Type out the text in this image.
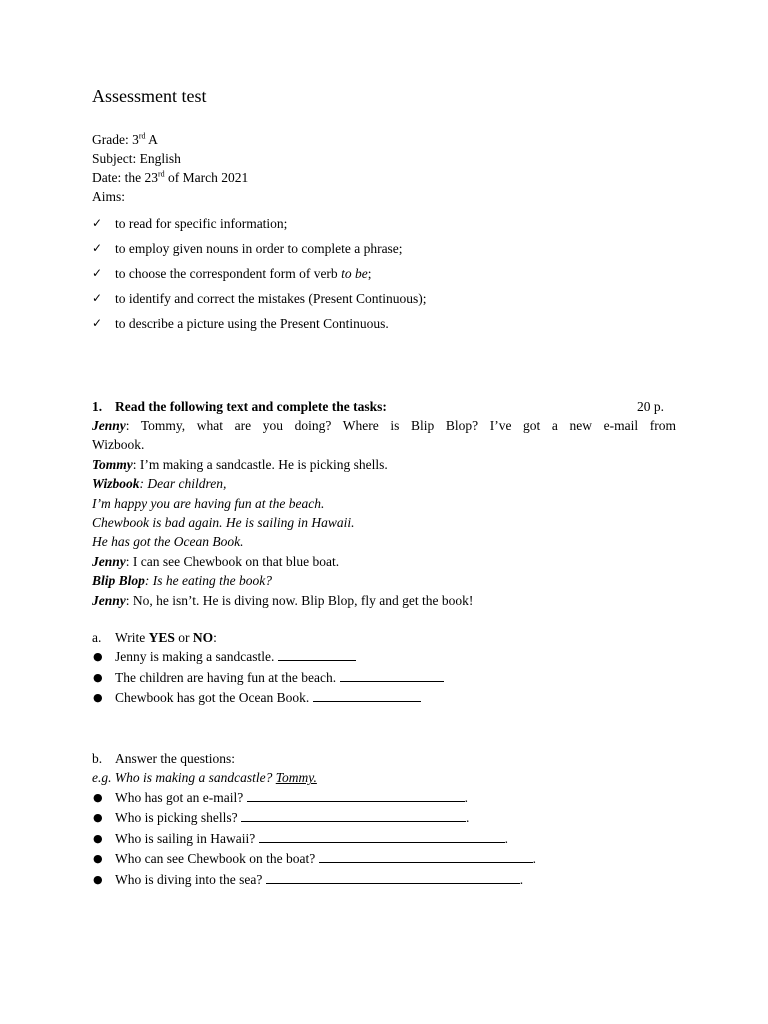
Assessment test
Grade: 3rd A
Subject: English
Date: the 23rd of March 2021
Aims:
✓ to read for specific information;
✓ to employ given nouns in order to complete a phrase;
✓ to choose the correspondent form of verb to be;
✓ to identify and correct the mistakes (Present Continuous);
✓ to describe a picture using the Present Continuous.
1. Read the following text and complete the tasks:	20 p.
Jenny: Tommy, what are you doing? Where is Blip Blop? I’ve got a new e-mail from
Wizbook.
Tommy: I’m making a sandcastle. He is picking shells.
Wizbook: Dear children,
I’m happy you are having fun at the beach.
Chewbook is bad again. He is sailing in Hawaii.
He has got the Ocean Book.
Jenny: I can see Chewbook on that blue boat.
Blip Blop: Is he eating the book?
Jenny: No, he isn’t. He is diving now. Blip Blop, fly and get the book!
a. Write YES or NO:
● Jenny is making a sandcastle.
● The children are having fun at the beach.
● Chewbook has got the Ocean Book.
b. Answer the questions:
e.g. Who is making a sandcastle? Tommy.
● Who has got an e-mail?	.
● Who is picking shells?	.
● Who is sailing in Hawaii?	.
● Who can see Chewbook on the boat?	.
● Who is diving into the sea?	.
